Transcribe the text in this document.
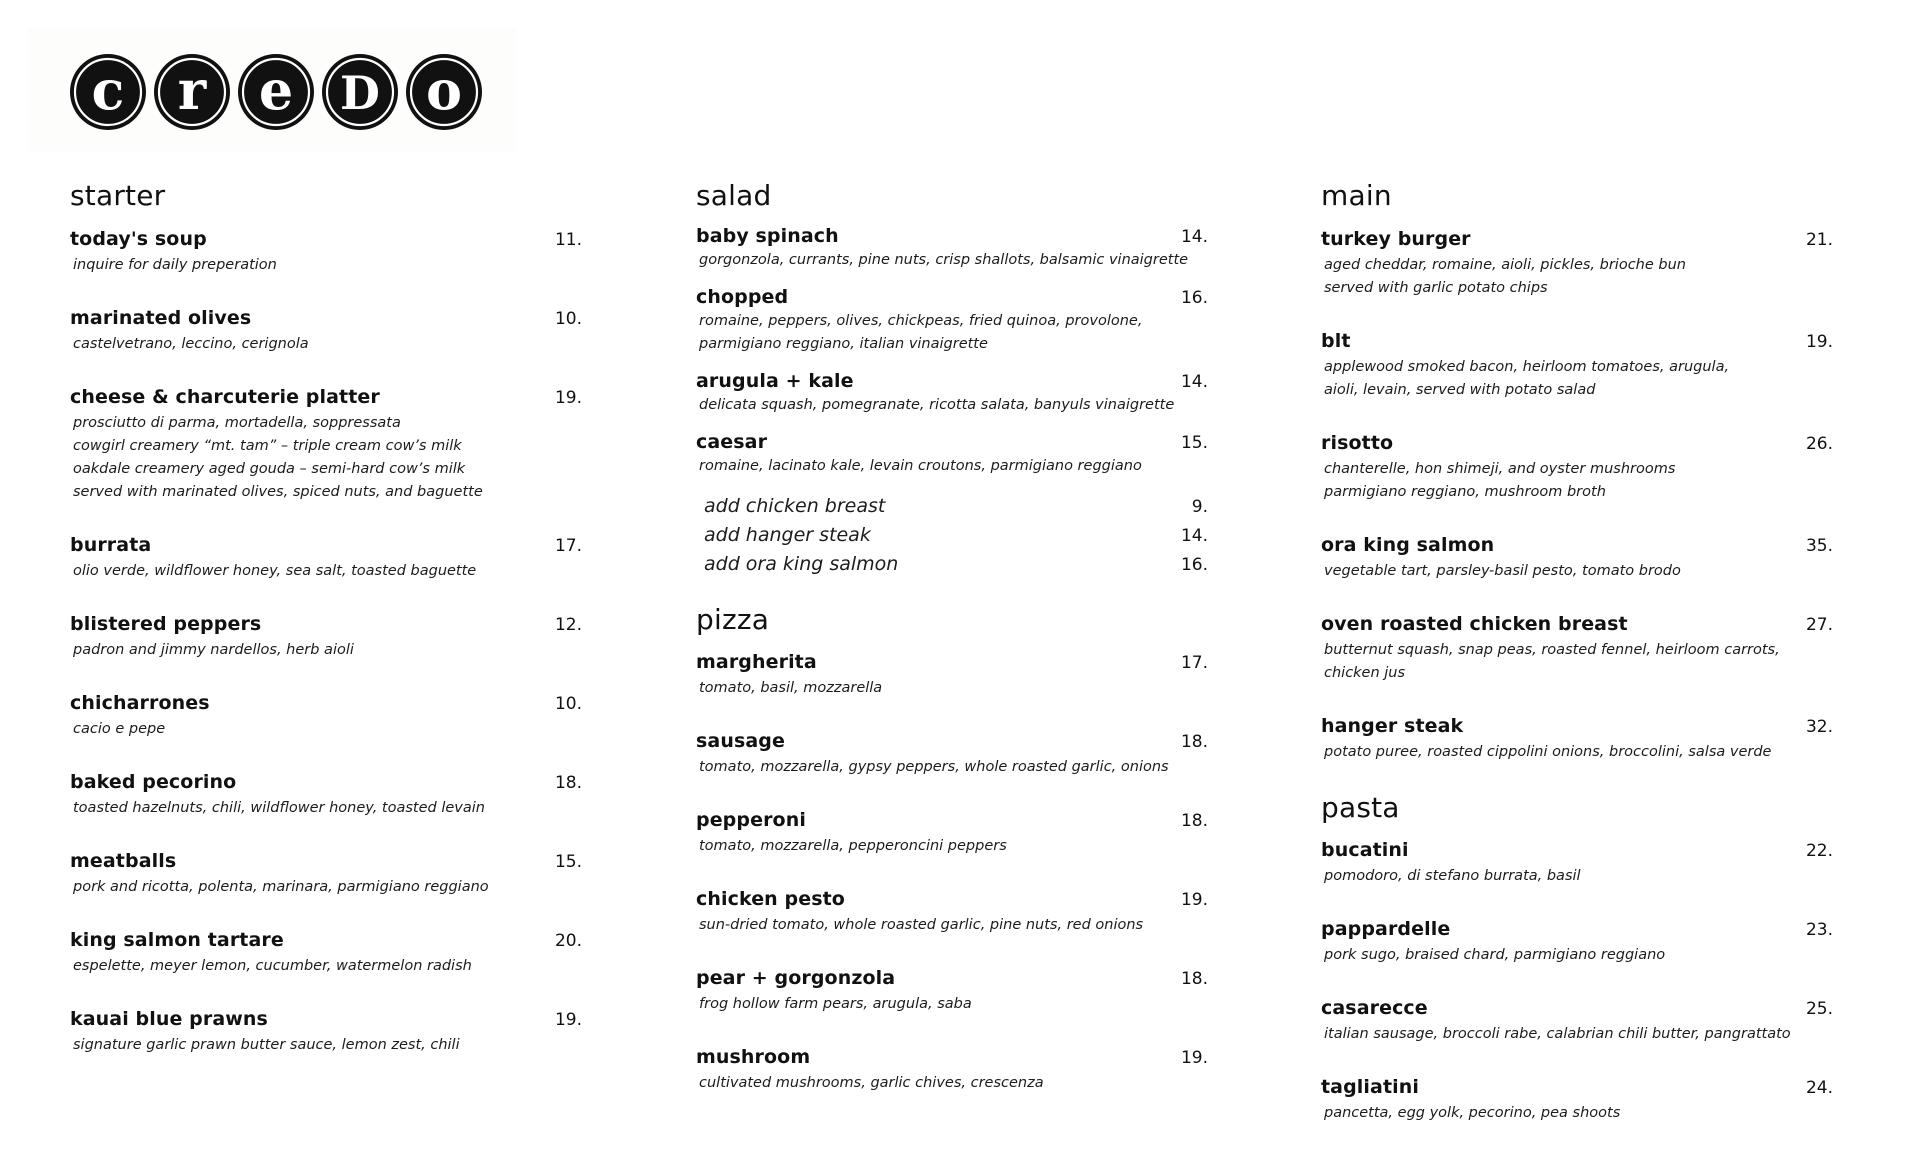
c r e D o
starter
today's soup	11.
inquire for daily preperation
marinated olives	10.
castelvetrano, leccino, cerignola
cheese & charcuterie platter	19.
prosciutto di parma, mortadella, soppressata
cowgirl creamery “mt. tam” – triple cream cow’s milk
oakdale creamery aged gouda – semi-hard cow’s milk
served with marinated olives, spiced nuts, and baguette
burrata	17.
olio verde, wildflower honey, sea salt, toasted baguette
blistered peppers	12.
padron and jimmy nardellos, herb aioli
chicharrones	10.
cacio e pepe
baked pecorino	18.
toasted hazelnuts, chili, wildflower honey, toasted levain
meatballs	15.
pork and ricotta, polenta, marinara, parmigiano reggiano
king salmon tartare	20.
espelette, meyer lemon, cucumber, watermelon radish
kauai blue prawns	19.
signature garlic prawn butter sauce, lemon zest, chili
salad
baby spinach	14.
gorgonzola, currants, pine nuts, crisp shallots, balsamic vinaigrette
chopped	16.
romaine, peppers, olives, chickpeas, fried quinoa, provolone,
parmigiano reggiano, italian vinaigrette
arugula + kale	14.
delicata squash, pomegranate, ricotta salata, banyuls vinaigrette
caesar	15.
romaine, lacinato kale, levain croutons, parmigiano reggiano
add chicken breast	9.
add hanger steak	14.
add ora king salmon	16.
pizza
margherita	17.
tomato, basil, mozzarella
sausage	18.
tomato, mozzarella, gypsy peppers, whole roasted garlic, onions
pepperoni	18.
tomato, mozzarella, pepperoncini peppers
chicken pesto	19.
sun-dried tomato, whole roasted garlic, pine nuts, red onions
pear + gorgonzola	18.
frog hollow farm pears, arugula, saba
mushroom	19.
cultivated mushrooms, garlic chives, crescenza
main
turkey burger	21.
aged cheddar, romaine, aioli, pickles, brioche bun
served with garlic potato chips
blt	19.
applewood smoked bacon, heirloom tomatoes, arugula,
aioli, levain, served with potato salad
risotto	26.
chanterelle, hon shimeji, and oyster mushrooms
parmigiano reggiano, mushroom broth
ora king salmon	35.
vegetable tart, parsley-basil pesto, tomato brodo
oven roasted chicken breast	27.
butternut squash, snap peas, roasted fennel, heirloom carrots, chicken jus
hanger steak	32.
potato puree, roasted cippolini onions, broccolini, salsa verde
pasta
bucatini	22.
pomodoro, di stefano burrata, basil
pappardelle	23.
pork sugo, braised chard, parmigiano reggiano
casarecce	25.
italian sausage, broccoli rabe, calabrian chili butter, pangrattato
tagliatini	24.
pancetta, egg yolk, pecorino, pea shoots
